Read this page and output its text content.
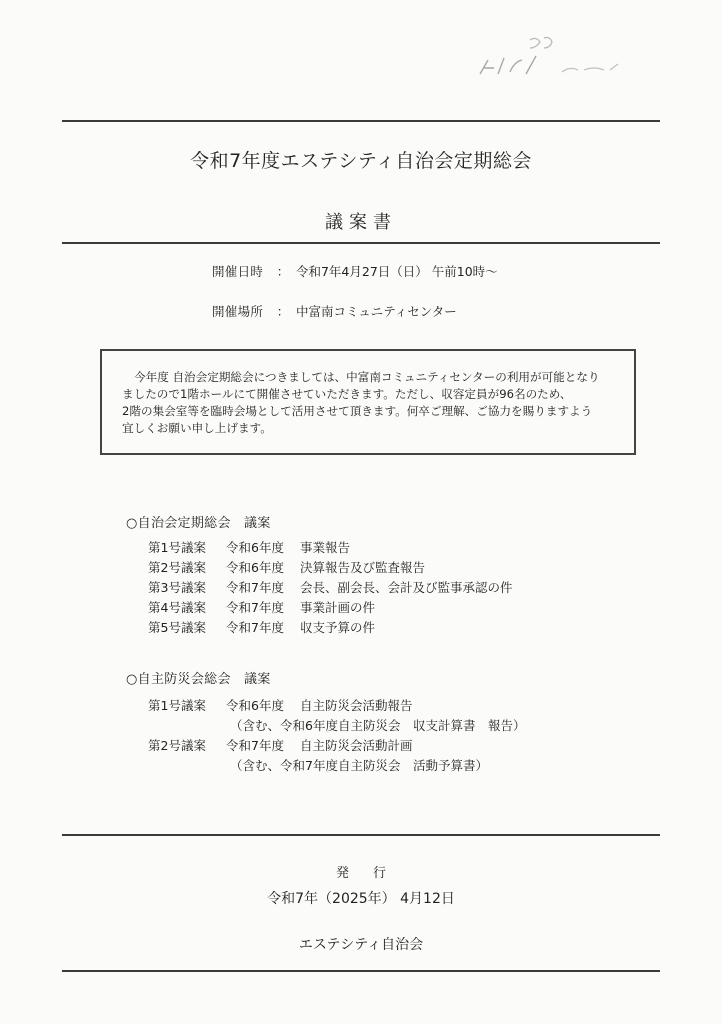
令和7年度エステシティ自治会定期総会
議案書
開催日時 ： 令和7年4月27日（日） 午前10時～
開催場所 ： 中富南コミュニティセンター
今年度 自治会定期総会につきましては、中富南コミュニティセンターの利用が可能となり
ましたので1階ホールにて開催させていただきます。ただし、収容定員が96名のため、
2階の集会室等を臨時会場として活用させて頂きます。何卒ご理解、ご協力を賜りますよう
宜しくお願い申し上げます。
○自治会定期総会　議案
第1号議案 令和6年度 事業報告
第2号議案 令和6年度 決算報告及び監査報告
第3号議案 令和7年度 会長、副会長、会計及び監事承認の件
第4号議案 令和7年度 事業計画の件
第5号議案 令和7年度 収支予算の件
○自主防災会総会　議案
第1号議案 令和6年度 自主防災会活動報告
（含む、令和6年度自主防災会　収支計算書　報告）
第2号議案 令和7年度 自主防災会活動計画
（含む、令和7年度自主防災会　活動予算書）
発行
令和7年（2025年） 4月12日
エステシティ自治会
